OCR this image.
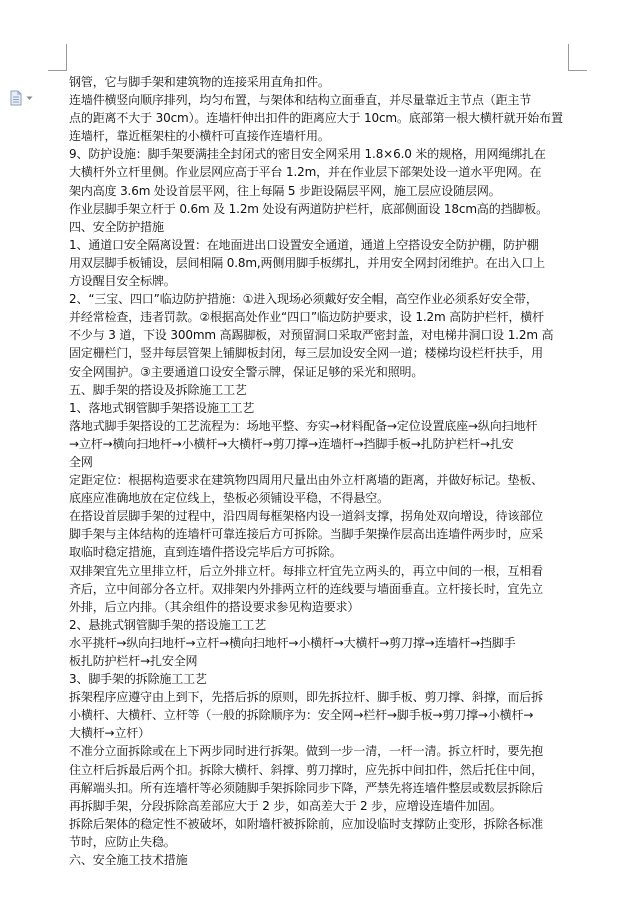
钢管，它与脚手架和建筑物的连接采用直角扣件。
连墙件横竖向顺序排列，均匀布置，与架体和结构立面垂直，并尽量靠近主节点（距主节
点的距离不大于 30cm）。连墙杆伸出扣件的距离应大于 10cm。底部第一根大横杆就开始布置
连墙杆，靠近框架柱的小横杆可直接作连墙杆用。
9、防护设施：脚手架要满挂全封闭式的密目安全网采用 1.8×6.0 米的规格，用网绳绑扎在
大横杆外立杆里侧。作业层网应高于平台 1.2m，并在作业层下部架处设一道水平兜网。在
架内高度 3.6m 处设首层平网，往上每隔 5 步距设隔层平网，施工层应设随层网。
作业层脚手架立杆于 0.6m 及 1.2m 处设有两道防护栏杆，底部侧面设 18cm高的挡脚板。
四、安全防护措施
1、通道口安全隔离设置：在地面进出口设置安全通道，通道上空搭设安全防护棚，防护棚
用双层脚手板铺设，层间相隔 0.8m,两侧用脚手板绑扎，并用安全网封闭维护。在出入口上
方设醒目安全标牌。
2、“三宝、四口”临边防护措施：①进入现场必须戴好安全帽，高空作业必须系好安全带，
并经常检查，违者罚款。②根据高处作业“四口”临边防护要求，设 1.2m 高防护栏杆，横杆
不少与 3 道，下设 300mm 高踢脚板，对预留洞口采取严密封盖，对电梯井洞口设 1.2m 高
固定栅栏门，竖井每层管架上铺脚板封闭，每三层加设安全网一道；楼梯均设栏杆扶手，用
安全网围护。③主要通道口设安全警示牌，保证足够的采光和照明。
五、脚手架的搭设及拆除施工工艺
1、落地式钢管脚手架搭设施工工艺
落地式脚手架搭设的工艺流程为：场地平整、夯实→材料配备→定位设置底座→纵向扫地杆
→立杆→横向扫地杆→小横杆→大横杆→剪刀撑→连墙杆→挡脚手板→扎防护栏杆→扎安
全网
定距定位：根据构造要求在建筑物四周用尺量出由外立杆离墙的距离，并做好标记。垫板、
底座应准确地放在定位线上，垫板必须铺设平稳，不得悬空。
在搭设首层脚手架的过程中，沿四周每框架格内设一道斜支撑，拐角处双向增设，待该部位
脚手架与主体结构的连墙杆可靠连接后方可拆除。当脚手架操作层高出连墙件两步时，应采
取临时稳定措施，直到连墙件搭设完毕后方可拆除。
双排架宜先立里排立杆，后立外排立杆。每排立杆宜先立两头的，再立中间的一根，互相看
齐后，立中间部分各立杆。双排架内外排两立杆的连线要与墙面垂直。立杆接长时，宜先立
外排，后立内排。（其余组件的搭设要求参见构造要求）
2、悬挑式钢管脚手架的搭设施工工艺
水平挑杆→纵向扫地杆→立杆→横向扫地杆→小横杆→大横杆→剪刀撑→连墙杆→挡脚手
板扎防护栏杆→扎安全网
3、脚手架的拆除施工工艺
拆架程序应遵守由上到下，先搭后拆的原则，即先拆拉杆、脚手板、剪刀撑、斜撑，而后拆
小横杆、大横杆、立杆等（一般的拆除顺序为：安全网→栏杆→脚手板→剪刀撑→小横杆→
大横杆→立杆）
不准分立面拆除或在上下两步同时进行拆架。做到一步一清，一杆一清。拆立杆时，要先抱
住立杆后拆最后两个扣。拆除大横杆、斜撑、剪刀撑时，应先拆中间扣件，然后托住中间，
再解端头扣。所有连墙杆等必须随脚手架拆除同步下降，严禁先将连墙件整层或数层拆除后
再拆脚手架，分段拆除高差部应大于 2 步，如高差大于 2 步，应增设连墙件加固。
拆除后架体的稳定性不被破坏，如附墙杆被拆除前，应加设临时支撑防止变形，拆除各标准
节时，应防止失稳。
六、安全施工技术措施
